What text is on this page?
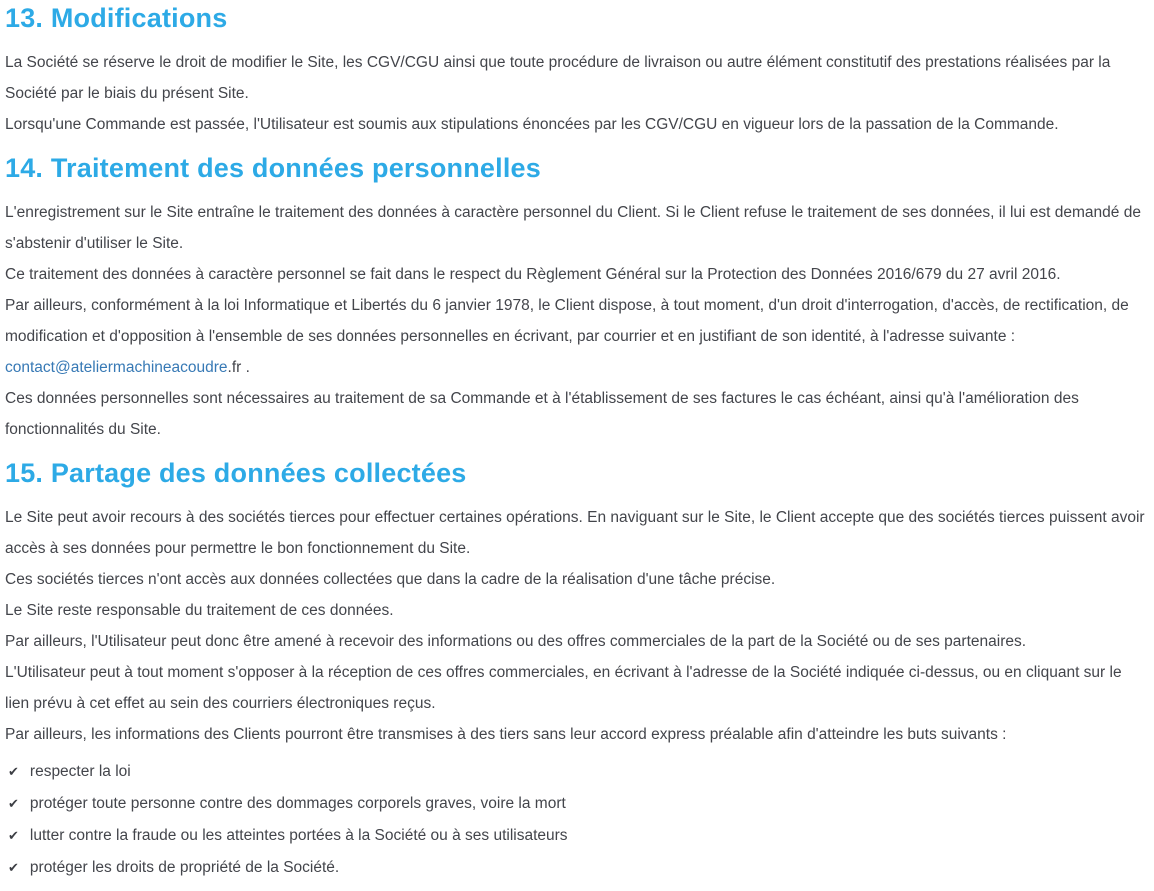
13. Modifications

La Société se réserve le droit de modifier le Site, les CGV/CGU ainsi que toute procédure de livraison ou autre élément constitutif des prestations réalisées par la Société par le biais du présent Site.

Lorsqu'une Commande est passée, l'Utilisateur est soumis aux stipulations énoncées par les CGV/CGU en vigueur lors de la passation de la Commande.

14. Traitement des données personnelles

L'enregistrement sur le Site entraîne le traitement des données à caractère personnel du Client. Si le Client refuse le traitement de ses données, il lui est demandé de s'abstenir d'utiliser le Site.

Ce traitement des données à caractère personnel se fait dans le respect du Règlement Général sur la Protection des Données 2016/679 du 27 avril 2016.

Par ailleurs, conformément à la loi Informatique et Libertés du 6 janvier 1978, le Client dispose, à tout moment, d'un droit d'interrogation, d'accès, de rectification, de modification et d'opposition à l'ensemble de ses données personnelles en écrivant, par courrier et en justifiant de son identité, à l'adresse suivante : contact@ateliermachineacoudre.fr .

Ces données personnelles sont nécessaires au traitement de sa Commande et à l'établissement de ses factures le cas échéant, ainsi qu'à l'amélioration des fonctionnalités du Site.

15. Partage des données collectées

Le Site peut avoir recours à des sociétés tierces pour effectuer certaines opérations. En naviguant sur le Site, le Client accepte que des sociétés tierces puissent avoir accès à ses données pour permettre le bon fonctionnement du Site.

Ces sociétés tierces n'ont accès aux données collectées que dans la cadre de la réalisation d'une tâche précise.

Le Site reste responsable du traitement de ces données.

Par ailleurs, l'Utilisateur peut donc être amené à recevoir des informations ou des offres commerciales de la part de la Société ou de ses partenaires.

L'Utilisateur peut à tout moment s'opposer à la réception de ces offres commerciales, en écrivant à l'adresse de la Société indiquée ci-dessus, ou en cliquant sur le lien prévu à cet effet au sein des courriers électroniques reçus.

Par ailleurs, les informations des Clients pourront être transmises à des tiers sans leur accord express préalable afin d'atteindre les buts suivants :

✔ respecter la loi
✔ protéger toute personne contre des dommages corporels graves, voire la mort
✔ lutter contre la fraude ou les atteintes portées à la Société ou à ses utilisateurs
✔ protéger les droits de propriété de la Société.
